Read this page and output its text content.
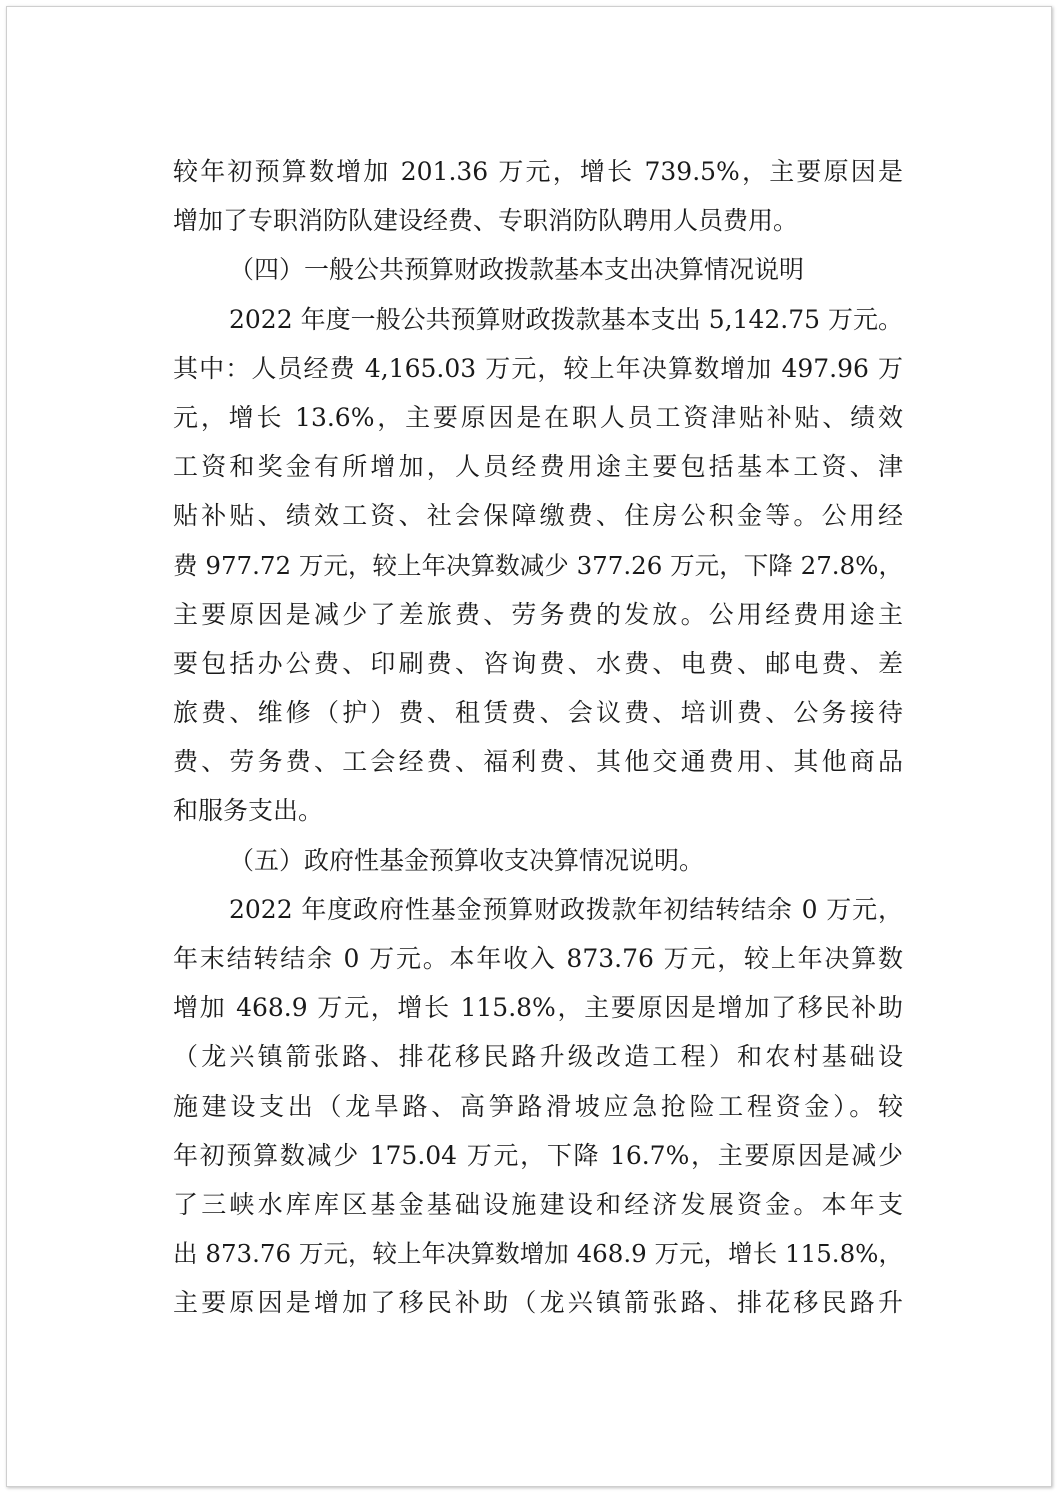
较年初预算数增加 201.36 万元，增长 739.5%，主要原因是
增加了专职消防队建设经费、专职消防队聘用人员费用。
（四）一般公共预算财政拨款基本支出决算情况说明
2022 年度一般公共预算财政拨款基本支出 5,142.75 万元。
其中：人员经费 4,165.03 万元，较上年决算数增加 497.96 万
元，增长 13.6%，主要原因是在职人员工资津贴补贴、绩效
工资和奖金有所增加，人员经费用途主要包括基本工资、津
贴补贴、绩效工资、社会保障缴费、住房公积金等。公用经
费 977.72 万元，较上年决算数减少 377.26 万元，下降 27.8%，
主要原因是减少了差旅费、劳务费的发放。公用经费用途主
要包括办公费、印刷费、咨询费、水费、电费、邮电费、差
旅费、维修（护）费、租赁费、会议费、培训费、公务接待
费、劳务费、工会经费、福利费、其他交通费用、其他商品
和服务支出。
（五）政府性基金预算收支决算情况说明。
2022 年度政府性基金预算财政拨款年初结转结余 0 万元，
年末结转结余 0 万元。本年收入 873.76 万元，较上年决算数
增加 468.9 万元，增长 115.8%，主要原因是增加了移民补助
（龙兴镇箭张路、排花移民路升级改造工程）和农村基础设
施建设支出（龙旱路、高笋路滑坡应急抢险工程资金）。较
年初预算数减少 175.04 万元，下降 16.7%，主要原因是减少
了三峡水库库区基金基础设施建设和经济发展资金。本年支
出 873.76 万元，较上年决算数增加 468.9 万元，增长 115.8%，
主要原因是增加了移民补助（龙兴镇箭张路、排花移民路升
